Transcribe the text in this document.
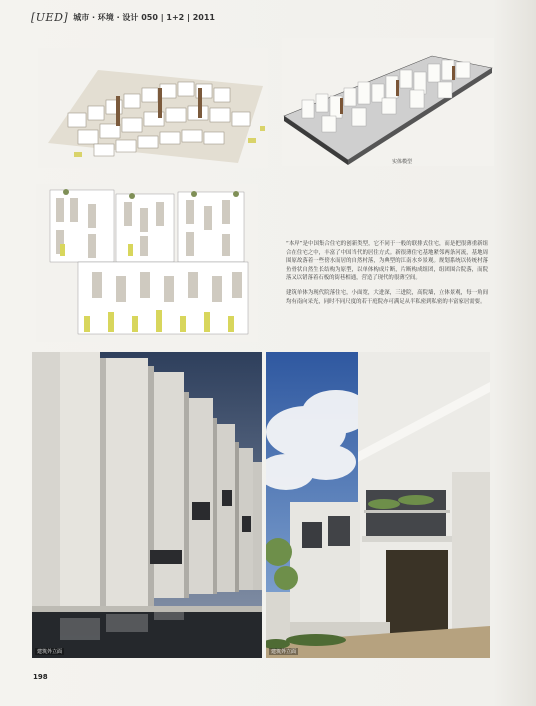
[UED] 城市 · 环境 · 设计 050 | 1+2 | 2011
实体模型

“本岸”是中国集合住宅的创新类型，它不同于一般的联排式住宅，而是把很薄重新组合在住宅之中，丰富了中国当代的居住方式。新很薄住宅基地紧邻两条河流，基地周围原故落着一些傍水而居的自然村落，为典型的江南水乡景观。规划系统以传统村落鱼骨状自然生长结构为原型，以单体构成片断，片断构成组团，组团围合院落，而院落又以错落着石板的街巷相通，营造了现代的很薄空间。

建筑单体为现代院落住宅，小面宽，大进深，三进院，高院墙，立体景观，每一角间均有南向采光，同时不同尺度的若干庭院亦可满足从半私密到私密的丰富家居需要。

建筑外立面	建筑外立面
198
